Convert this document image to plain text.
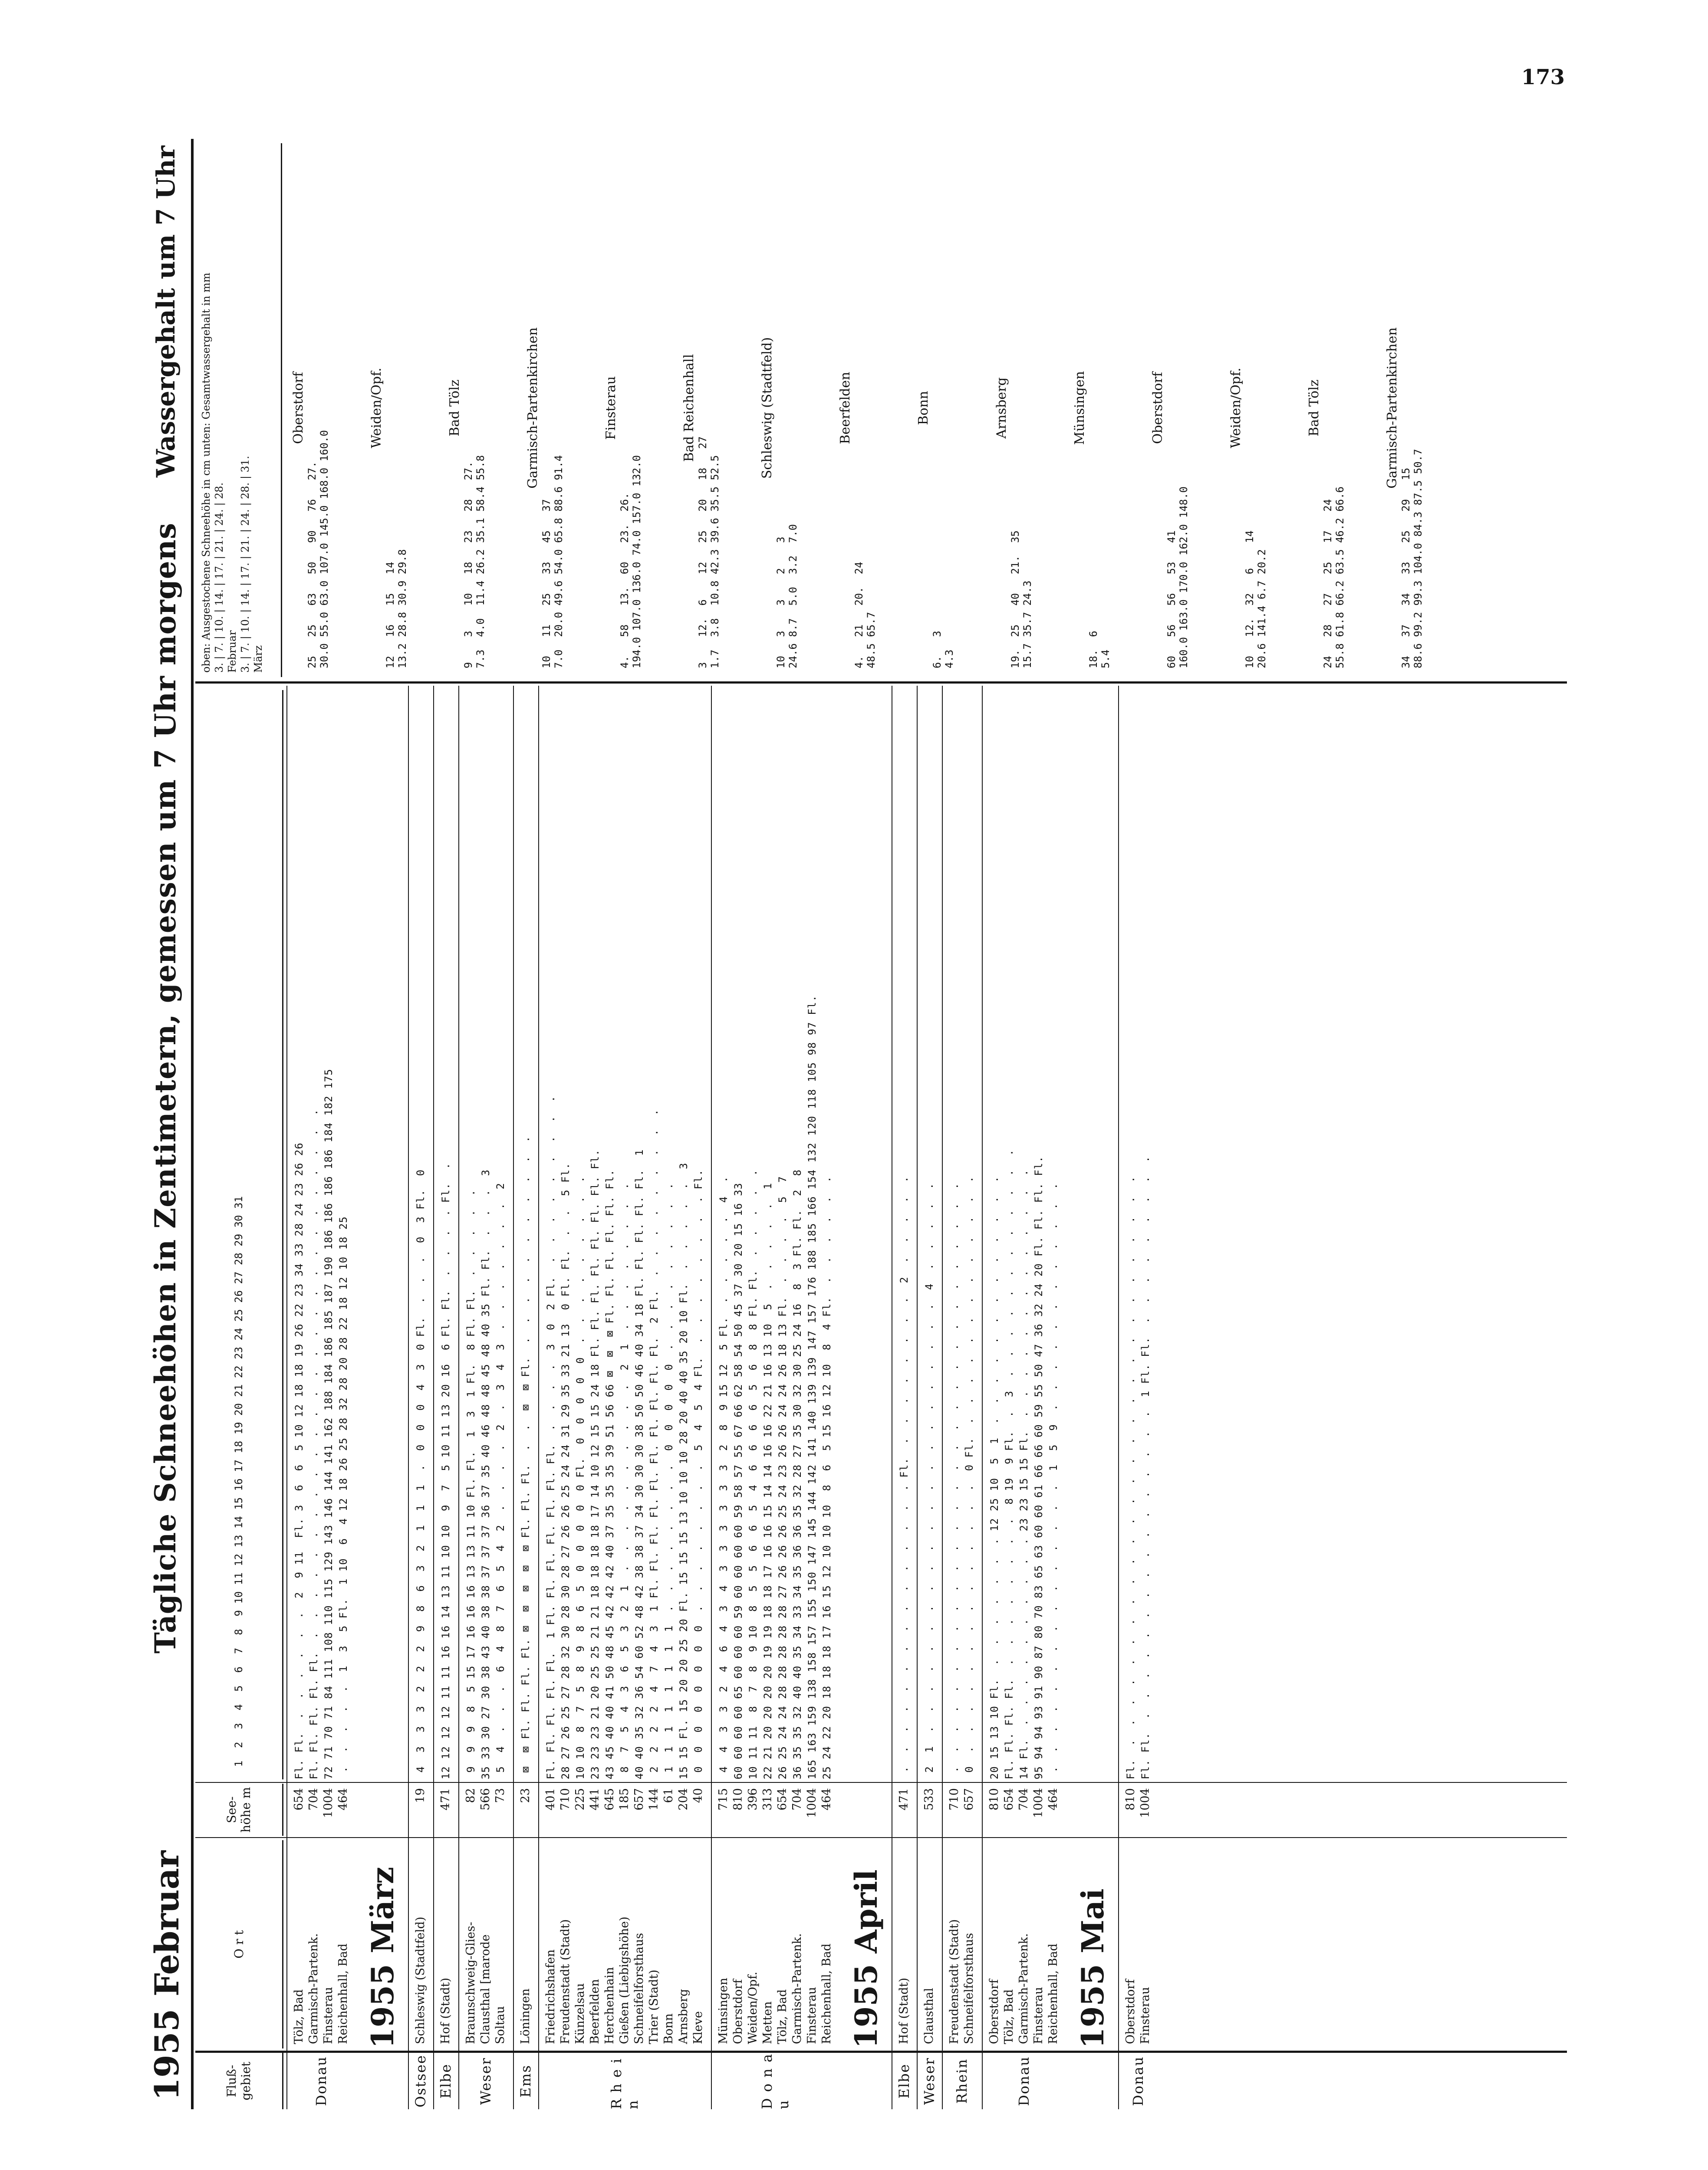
173
1955
Februar
Tägliche Schneehöhen in Zentimetern, gemessen um 7 Uhr morgens
Wassergehalt um 7 Uhr
Fluß-gebiet
O r t
See-höhe m
1  2  3  4  5  6  7  8  9 10 11 12 13 14 15 16 17 18 19 20 21 22 23 24 25 26 27 28 29 30 31
Tölz, Bad
654
Fl. Fl.  .  .  .  .  .  .  2  9 11  Fl. 3  6  6  5 10 12 18 18 19 26 22 23 34 33 28 24 23 26 26
Garmisch-Partenk.
704
Fl. Fl. Fl. Fl. Fl.  .  .  .  .  .  .  .  .  .  .  .  .  .  .  .  .  .  .  .  .  .  .  .  .  .  .  .
Finsterau
1004
72 71 70 71 84 111 108 110 115 129 143 146 144 141 162 188 184 186 185 187 190 186 186 186 186 184 182 175
Reichenhall, Bad
464
.  .  .  .  .  1  3  5 Fl.  1 10  6  4 12 18 26 25 28 32 28 20 28 22 18 12 10 18 25
Donau
1955 März Schleswig (Stadtfeld)
19
4  3  3  3  2  2  2  9  8  6  3  2  1  1  1  .  0  0  0  4  3  0 Fl.  .  .  .  0  3 Fl.  0
Ostsee
Hof (Stadt)
471
12 12 12 12 11 11 16 16 14 13 11 10 10  9  7  5 10 11 13 20 16  6 Fl. Fl.  .  .  .  . Fl.  .
Elbe
Braunschweig-Glies-
82
9  9  9  8  5 15 17 16 16 16 13 13 11 10 Fl. Fl.  1  3  1 Fl.  8 Fl. Fl.  .  .  .  .  .
Clausthal [marode
566
35 33 30 27 30 38 43 40 38 38 37 37 37 36 37 35 40 46 48 48 45 48 40 35 Fl. Fl.  .  .  .  3
Soltau
73
5  4  .  .  .  6  4  8  7  6  5  4  2  .  .  .  .  2  .  3  4  3  .  .  .  .  .  .  .  2
Weser
Löningen
23
⊠  ⊠ Fl. Fl. Fl. Fl. ⊠  ⊠  ⊠  ⊠  ⊠ Fl. Fl. Fl.  .  .  ⊠  ⊠ Fl.  .  .  .  .  .  .  .  .  .  .  .
Ems
Friedrichshafen
401
Fl. Fl. Fl. Fl. Fl.  1 Fl. Fl. Fl. Fl. Fl. Fl. Fl.  .  .  .  .  3  0  2 Fl.  .  .  .  .  .  .  .  .  .
Freudenstadt (Stadt)
710
28 27 26 25 27 28 32 30 28 30 28 27 26 26 25 24 24 31 29 35 33 21 13  0 Fl. Fl.  .  .  5 Fl.
Künzelsau
225
10 10  8  7  5  8  9  8  6  5  0  0  0  0  0 Fl.  0  0  0  0  0  .  .  .  .  .  .  .  .  .
Beerfelden
441
23 23 23 21 20 25 25 21 21 18 18 18 18 17 14 10 12 15 15 24 18 Fl. Fl. Fl. Fl. Fl. Fl. Fl. Fl.
Herchenhain
645
43 45 40 40 41 50 48 45 42 42 42 40 37 35 35 35 39 51 56 66 ⊠  ⊠  ⊠ Fl. Fl. Fl. Fl. Fl. Fl.
Gießen (Liebigshöhe)
185
8  7  5  4  3  6  5  3  2  1  .  .  .  .  .  .  .  .  .  .  2  1  .  .  .  .  .  .  .  .
Schneifelforsthaus
657
40 40 35 32 36 54 60 52 48 42 38 38 37 34 30 30 30 38 50 50 46 40 34 18 Fl. Fl. Fl. Fl. Fl.  1
Trier (Stadt)
144
2  2  2  2  4  7  4  3  1 Fl. Fl. Fl. Fl. Fl. Fl. Fl. Fl. Fl. Fl.  2 Fl.  .  .  .  .  .  .  .  .  .
Bonn
61
1  1  1  1  1  1  1  1  .  .  .  .  .  .  .  .  0  0  0  0  0  .  .  .  .  .  .  .  .  .
Arnsberg
204
15 15 Fl. 15 20 20 25 20 Fl. 15 15 15 13 10 10 10 28 20 40 40 35 20 10 Fl.  .  .  .  .  .  3
Kleve
40
0  0  0  0  0  0  0  0  .  .  .  .  .  .  .  .  5  4  5  4 Fl.  .  .  .  .  .  .  .  . Fl.
R h e i n
Münsingen
715
4  4  3  3  2  4  6  4  3  4  3  3  3  3  3  3  2  8  9 15 12  5 Fl.  .  .  .  .  .  4  .
Oberstdorf
810
60 60 60 60 65 60 60 60 59 60 60 60 60 59 58 57 55 67 66 62 58 54 50 45 37 30 20 15 16 33
Weiden/Opf.
396
10 11 11  8  7  8  9 10  8  5  5  6  6  5  4  6  6  6  6  5  6  8  8 Fl. Fl.  .  .  .  .  .
Metten
313
22 21 20 20 20 20 19 19 18 18 17 16 16 15 14 14 16 16 22 21 16 13 10  5  .  .  .  .  .  1
Tölz, Bad
654
26 25 24 24 28 28 28 28 28 27 26 26 26 25 24 23 26 26 24 24 26 18 13 Fl.  .  .  .  .  5  7
Garmisch-Partenk.
704
36 35 35 32 40 40 35 34 33 34 35 36 36 35 32 28 27 35 30 32 30 25 24 16  8  3 Fl. Fl.  2  8
Finsterau
1004
165 163 159 138 158 157 155 150 147 145 144 142 141 140 139 139 147 157 176 188 185 166 154 132 120 118 105 98 97 Fl.
Reichenhall, Bad
464
25 24 22 20 18 18 18 17 16 15 12 10 10 10  8  6  5 15 16 12 10  8  4 Fl.  .  .  .  .  .  .
D o n a u
1955 April Hof (Stadt)
471
.  .  .  .  .  .  .  .  .  .  .  .  .  .  . Fl.  .  .  .  .  .  .  .  .  2  .  .  .  .  .
Elbe
Clausthal
533
2  1  .  .  .  .  .  .  .  .  .  .  .  .  .  .  .  .  .  .  .  .  .  .  4  .  .  .  .  .
Weser
Freudenstadt (Stadt)
710
.  .  .  .  .  .  .  .  .  .  .  .  .  .  .  .  .  .  .  .  .  .  .  .  .  .  .  .  .  .
Schneifelforsthaus
657
0  .  .  .  .  .  .  .  .  .  .  .  .  .  .  0 Fl.  .  .  .  .  .  .  .  .  .  .  .  .  .
Rhein
Oberstdorf
810
20 15 13 10 Fl.  .  .  .  .  .  .  . 12 25 10  5  1  .  .  .  .  .  .  .  .  .  .  .  .  .
Tölz, Bad
654
Fl. Fl. Fl. Fl.  .  .  .  .  .  .  .  .  8 19  9 Fl.  .  3  .  .  .  .  .  .  .  .  .  .  .  .
Garmisch-Partenk.
704
14 Fl.  .  .  .  .  .  .  .  .  .  . 23 23 15 15 Fl.  .  .  .  .  .  .  .  .  .  .  .  .  .
Finsterau
1004
95 94 94 93 91 90 87 80 70 83 65 63 60 60 61 66 66 60 59 55 50 47 36 32 24 20 Fl. Fl. Fl. Fl.
Reichenhall, Bad
464
.  .  .  .  .  .  .  .  .  .  .  .  .  .  .  1  5  9  .  .  .  .  .  .  .  .  .  .  .  .
Donau
1955 Mai Oberstdorf
810
Fl.  .  .  .  .  .  .  .  .  .  .  .  .  .  .  .  .  .  .  .  .  .  .  .  .  .  .  .  .  .
Finsterau
1004
Fl. Fl.  .  .  .  .  .  .  .  .  .  .  .  .  .  .  .  .  1 Fl. Fl.  .  .  .  .  .  .  .  .  .
Donau
oben: Ausgestochene Schneehöhe in cm unten: Gesamtwassergehalt in mm 3. | 7. | 10. | 14. | 17. | 21. | 24. | 28. Februar 3. | 7. | 10. | 14. | 17. | 21. | 24. | 28. | 31. März
Oberstdorf
25   25   63   50   90   76   27. 30.0 55.0 63.0 107.0 145.0 168.0 160.0
Weiden/Opf.
12   16   15   14 13.2 28.8 30.9 29.8
Bad Tölz
9    3    10   18   23   28   27. 7.3  4.0  11.4 26.2 35.1 58.4 55.8
Garmisch-Partenkirchen
10   11   25   33   45   37 7.0  20.0 49.6 54.0 65.8 88.6 91.4
Finsterau
4.   58   13.  60   23.  26. 194.0 107.0 136.0 74.0 157.0 132.0
Bad Reichenhall
3    12.  6    12   25   20   18   27 1.7  3.8  10.8 42.3 39.6 35.5 52.5
Schleswig (Stadtfeld)
10   3    3    2    3 24.6 8.7  5.0  3.2  7.0
Beerfelden
4.   21   20.  24 48.5 65.7
Bonn
6.   3 4.3
Arnsberg
19.  25   40   21.  35 15.7 35.7 24.3
Münsingen
18.  6 5.4
Oberstdorf
60   56   56   53   41 160.0 163.0 170.0 162.0 148.0
Weiden/Opf.
10   12.  32   6    14 20.6 141.4 6.7 20.2
Bad Tölz
24   28   27   25   17   24 55.8 61.8 66.2 63.5 46.2 66.6
Garmisch-Partenkirchen
34   37   34   33   25   29   15 88.6 99.2 99.3 104.0 84.3 87.5 50.7
